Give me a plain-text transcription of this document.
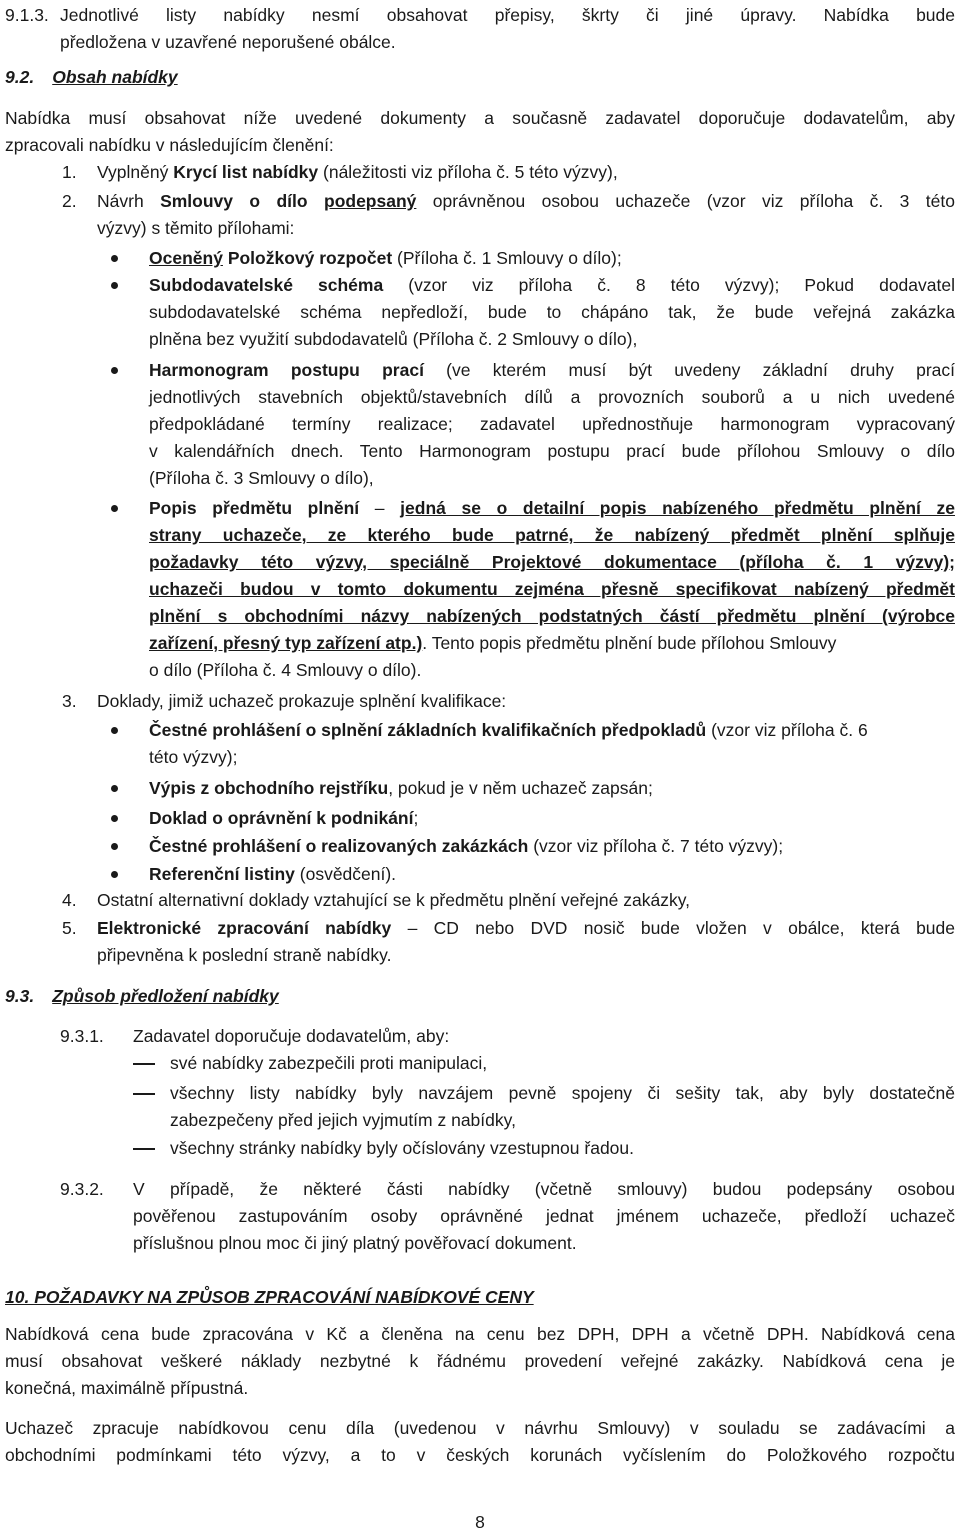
9.1.3. Jednotlivé listy nabídky nesmí obsahovat přepisy, škrty či jiné úpravy. Nabídka bude
předložena v uzavřené neporušené obálce.
9.2. Obsah nabídky
Nabídka musí obsahovat níže uvedené dokumenty a současně zadavatel doporučuje dodavatelům, aby
zpracovali nabídku v následujícím členění:
1. Vyplněný Krycí list nabídky (náležitosti viz příloha č. 5 této výzvy),
2. Návrh Smlouvy o dílo podepsaný oprávněnou osobou uchazeče (vzor viz příloha č. 3 této
výzvy) s těmito přílohami:
Oceněný Položkový rozpočet (Příloha č. 1 Smlouvy o dílo);
Subdodavatelské schéma (vzor viz příloha č. 8 této výzvy); Pokud dodavatel
subdodavatelské schéma nepředloží, bude to chápáno tak, že bude veřejná zakázka
plněna bez využití subdodavatelů (Příloha č. 2 Smlouvy o dílo),
Harmonogram postupu prací (ve kterém musí být uvedeny základní druhy prací
jednotlivých stavebních objektů/stavebních dílů a provozních souborů a u nich uvedené
předpokládané termíny realizace; zadavatel upřednostňuje harmonogram vypracovaný
v kalendářních dnech. Tento Harmonogram postupu prací bude přílohou Smlouvy o dílo
(Příloha č. 3 Smlouvy o dílo),
Popis předmětu plnění – jedná se o detailní popis nabízeného předmětu plnění ze
strany uchazeče, ze kterého bude patrné, že nabízený předmět plnění splňuje
požadavky této výzvy, speciálně Projektové dokumentace (příloha č. 1 výzvy);
uchazeči budou v tomto dokumentu zejména přesně specifikovat nabízený předmět
plnění s obchodními názvy nabízených podstatných částí předmětu plnění (výrobce
zařízení, přesný typ zařízení atp.). Tento popis předmětu plnění bude přílohou Smlouvy
o dílo (Příloha č. 4 Smlouvy o dílo).
3. Doklady, jimiž uchazeč prokazuje splnění kvalifikace:
Čestné prohlášení o splnění základních kvalifikačních předpokladů (vzor viz příloha č. 6
této výzvy);
Výpis z obchodního rejstříku, pokud je v něm uchazeč zapsán;
Doklad o oprávnění k podnikání;
Čestné prohlášení o realizovaných zakázkách (vzor viz příloha č. 7 této výzvy);
Referenční listiny (osvědčení).
4. Ostatní alternativní doklady vztahující se k předmětu plnění veřejné zakázky,
5. Elektronické zpracování nabídky – CD nebo DVD nosič bude vložen v obálce, která bude
připevněna k poslední straně nabídky.
9.3. Způsob předložení nabídky
9.3.1. Zadavatel doporučuje dodavatelům, aby:
své nabídky zabezpečili proti manipulaci,
všechny listy nabídky byly navzájem pevně spojeny či sešity tak, aby byly dostatečně
zabezpečeny před jejich vyjmutím z nabídky,
všechny stránky nabídky byly očíslovány vzestupnou řadou.
9.3.2. V případě, že některé části nabídky (včetně smlouvy) budou podepsány osobou
pověřenou zastupováním osoby oprávněné jednat jménem uchazeče, předloží uchazeč
příslušnou plnou moc či jiný platný pověřovací dokument.
10. POŽADAVKY NA ZPŮSOB ZPRACOVÁNÍ NABÍDKOVÉ CENY
Nabídková cena bude zpracována v Kč a členěna na cenu bez DPH, DPH a včetně DPH. Nabídková cena
musí obsahovat veškeré náklady nezbytné k řádnému provedení veřejné zakázky. Nabídková cena je
konečná, maximálně přípustná.
Uchazeč zpracuje nabídkovou cenu díla (uvedenou v návrhu Smlouvy) v souladu se zadávacími a
obchodními podmínkami této výzvy, a to v českých korunách vyčíslením do Položkového rozpočtu
8
